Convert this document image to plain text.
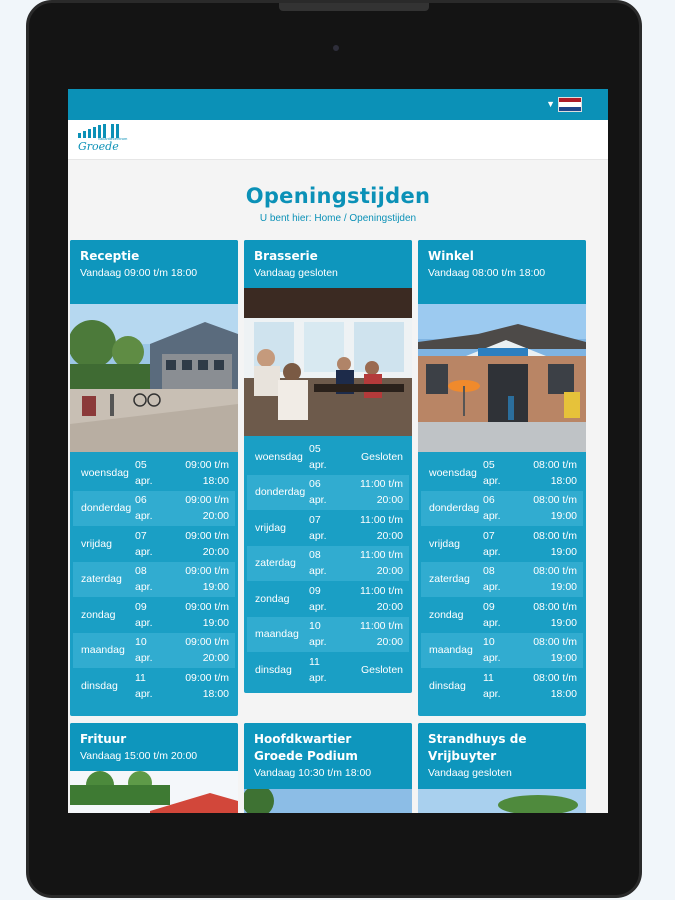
▼
Groede
vakantiecentrum
Openingstijden
U bent hier: Home / Openingstijden
Receptie
Vandaag 09:00 t/m 18:00
woensdag
05 apr.
09:00 t/m
18:00
donderdag
06 apr.
09:00 t/m
20:00
vrijdag
07 apr.
09:00 t/m
20:00
zaterdag
08 apr.
09:00 t/m
19:00
zondag
09 apr.
09:00 t/m
19:00
maandag
10 apr.
09:00 t/m
20:00
dinsdag
11 apr.
09:00 t/m
18:00
Brasserie
Vandaag gesloten
woensdag
05 apr.
Gesloten
donderdag
06 apr.
11:00 t/m
20:00
vrijdag
07 apr.
11:00 t/m
20:00
zaterdag
08 apr.
11:00 t/m
20:00
zondag
09 apr.
11:00 t/m
20:00
maandag
10 apr.
11:00 t/m
20:00
dinsdag
11 apr.
Gesloten
Winkel
Vandaag 08:00 t/m 18:00
woensdag
05 apr.
08:00 t/m
18:00
donderdag
06 apr.
08:00 t/m
19:00
vrijdag
07 apr.
08:00 t/m
19:00
zaterdag
08 apr.
08:00 t/m
19:00
zondag
09 apr.
08:00 t/m
19:00
maandag
10 apr.
08:00 t/m
19:00
dinsdag
11 apr.
08:00 t/m
18:00
Frituur
Vandaag 15:00 t/m 20:00
Hoofdkwartier Groede Podium
Vandaag 10:30 t/m 18:00
Strandhuys de Vrijbuyter
Vandaag gesloten
